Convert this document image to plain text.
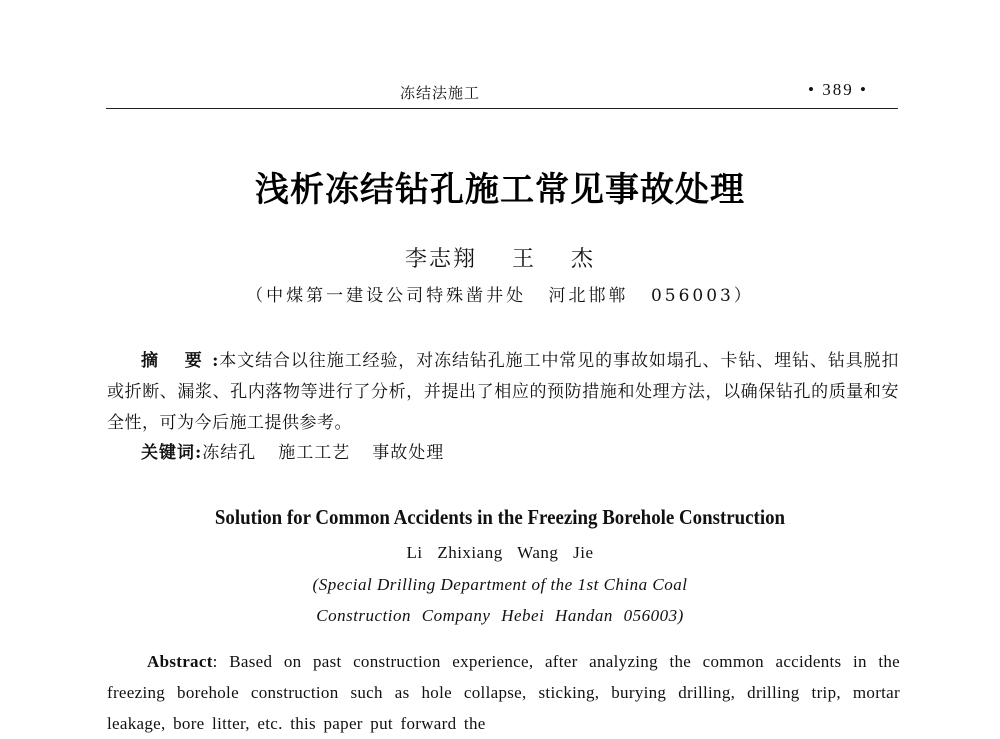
冻结法施工	• 389 •
浅析冻结钻孔施工常见事故处理
李志翔 王 杰
（中煤第一建设公司特殊凿井处 河北邯郸 056003）
摘 要:本文结合以往施工经验，对冻结钻孔施工中常见的事故如塌孔、卡钻、埋钻、钻具脱扣或折断、漏浆、孔内落物等进行了分析，并提出了相应的预防措施和处理方法，以确保钻孔的质量和安全性，可为今后施工提供参考。
关键词:冻结孔 施工工艺 事故处理
Solution for Common Accidents in the Freezing Borehole Construction
Li Zhixiang Wang Jie
(Special Drilling Department of the 1st China Coal
Construction Company Hebei Handan 056003)
Abstract: Based on past construction experience, after analyzing the common accidents in the freezing borehole construction such as hole collapse, sticking, burying drilling, drilling trip, mortar leakage, bore litter, etc. this paper put forward the
